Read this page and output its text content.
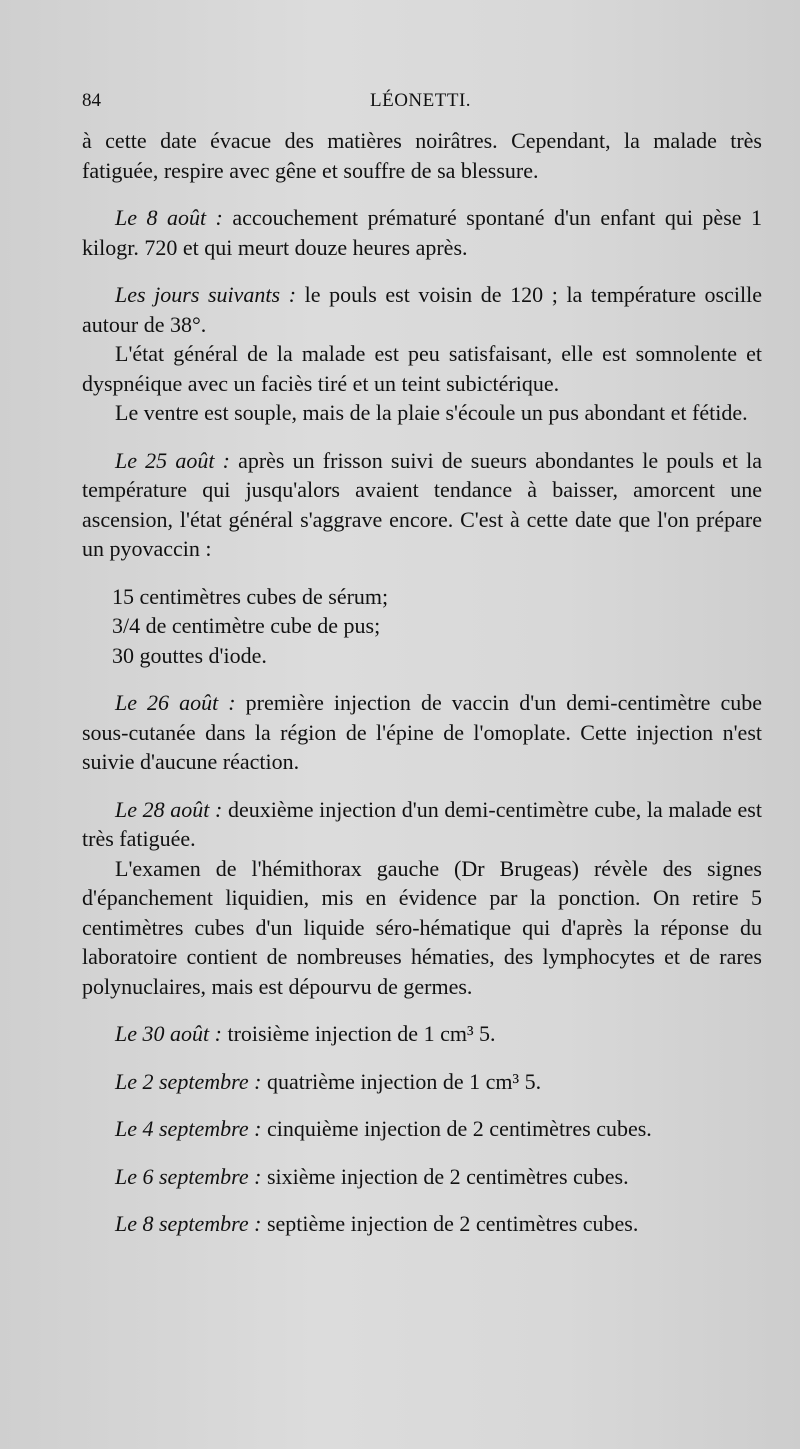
84	LÉONETTI.

à cette date évacue des matières noirâtres. Cependant, la malade très fatiguée, respire avec gêne et souffre de sa blessure.

Le 8 août : accouchement prématuré spontané d'un enfant qui pèse 1 kilogr. 720 et qui meurt douze heures après.

Les jours suivants : le pouls est voisin de 120 ; la température oscille autour de 38°.

L'état général de la malade est peu satisfaisant, elle est somnolente et dyspnéique avec un faciès tiré et un teint subictérique.

Le ventre est souple, mais de la plaie s'écoule un pus abondant et fétide.

Le 25 août : après un frisson suivi de sueurs abondantes le pouls et la température qui jusqu'alors avaient tendance à baisser, amorcent une ascension, l'état général s'aggrave encore. C'est à cette date que l'on prépare un pyovaccin :

15 centimètres cubes de sérum;
3/4 de centimètre cube de pus;
30 gouttes d'iode.

Le 26 août : première injection de vaccin d'un demi-centimètre cube sous-cutanée dans la région de l'épine de l'omoplate. Cette injection n'est suivie d'aucune réaction.

Le 28 août : deuxième injection d'un demi-centimètre cube, la malade est très fatiguée.

L'examen de l'hémithorax gauche (Dr Brugeas) révèle des signes d'épanchement liquidien, mis en évidence par la ponction. On retire 5 centimètres cubes d'un liquide séro-hématique qui d'après la réponse du laboratoire contient de nombreuses hématies, des lymphocytes et de rares polynuclaires, mais est dépourvu de germes.

Le 30 août : troisième injection de 1 cm³ 5.

Le 2 septembre : quatrième injection de 1 cm³ 5.

Le 4 septembre : cinquième injection de 2 centimètres cubes.

Le 6 septembre : sixième injection de 2 centimètres cubes.

Le 8 septembre : septième injection de 2 centimètres cubes.
